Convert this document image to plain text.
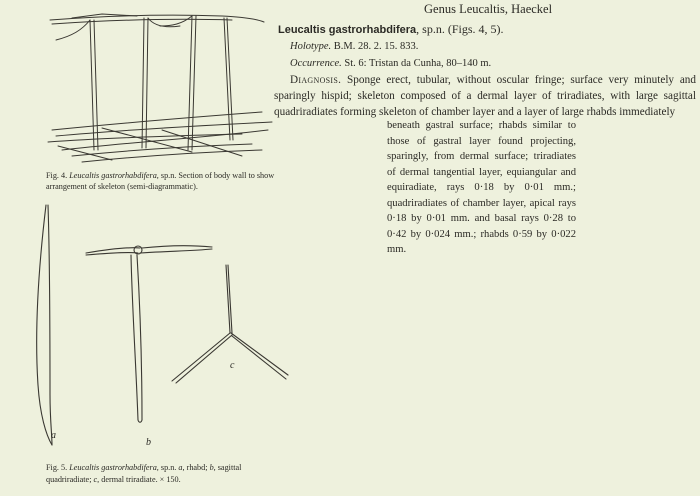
Genus Leucaltis, Haeckel
Leucaltis gastrorhabdifera, sp.n. (Figs. 4, 5).
Holotype. B.M. 28. 2. 15. 833.
Occurrence. St. 6: Tristan da Cunha, 80–140 m.
Diagnosis. Sponge erect, tubular, without oscular fringe; surface very minutely and sparingly hispid; skeleton composed of a dermal layer of triradiates, with large sagittal quadriradiates forming skeleton of chamber layer and a layer of large rhabds immediately
beneath gastral surface; rhabds similar to those of gastral layer found projecting, sparingly, from dermal surface; triradiates of dermal tangential layer, equiangular and equiradiate, rays 0·18 by 0·01 mm.; quadriradiates of chamber layer, apical rays 0·18 by 0·01 mm. and basal rays 0·28 to 0·42 by 0·024 mm.; rhabds 0·59 by 0·022 mm.
Fig. 4. Leucaltis gastrorhabdifera, sp.n. Section of body wall to show arrangement of skeleton (semi-diagrammatic).
a
b
c
Fig. 5. Leucaltis gastrorhabdifera, sp.n. a, rhabd; b, sagittal quadriradiate; c, dermal triradiate. × 150.
